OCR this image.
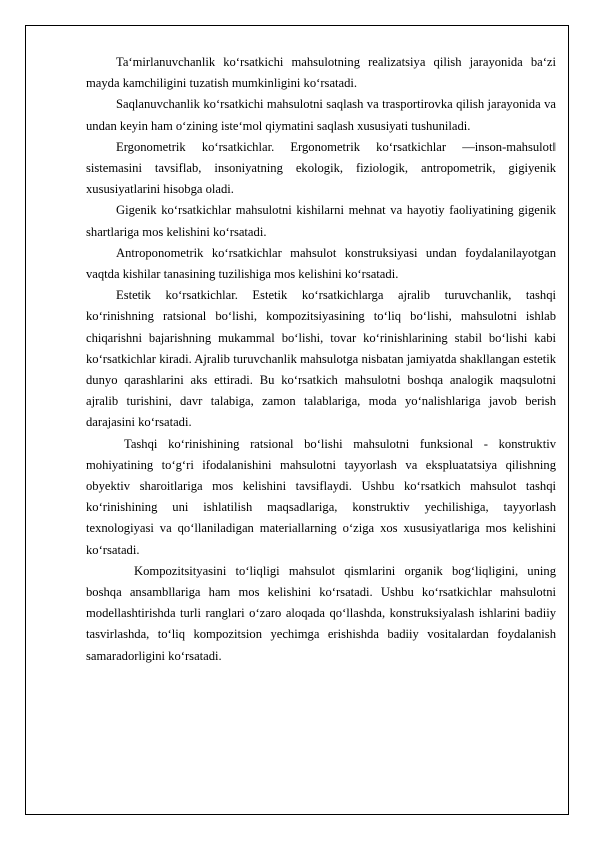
Ta‘mirlanuvchanlik ko‘rsatkichi mahsulotning realizatsiya qilish jarayonida ba‘zi mayda kamchiligini tuzatish mumkinligini ko‘rsatadi.

Saqlanuvchanlik ko‘rsatkichi mahsulotni saqlash va trasportirovka qilish jarayonida va undan keyin ham o‘zining iste‘mol qiymatini saqlash xususiyati tushuniladi.

Ergonometrik ko‘rsatkichlar. Ergonometrik ko‘rsatkichlar —inson-mahsulot‖ sistemasini tavsiflab, insoniyatning ekologik, fiziologik, antropometrik, gigiyenik xususiyatlarini hisobga oladi.

Gigenik ko‘rsatkichlar mahsulotni kishilarni mehnat va hayotiy faoliyatining gigenik shartlariga mos kelishini ko‘rsatadi.

Antroponometrik ko‘rsatkichlar mahsulot konstruksiyasi undan foydalanilayotgan vaqtda kishilar tanasining tuzilishiga mos kelishini ko‘rsatadi.

Estetik ko‘rsatkichlar. Estetik ko‘rsatkichlarga ajralib turuvchanlik, tashqi ko‘rinishning ratsional bo‘lishi, kompozitsiyasining to‘liq bo‘lishi, mahsulotni ishlab chiqarishni bajarishning mukammal bo‘lishi, tovar ko‘rinishlarining stabil bo‘lishi kabi ko‘rsatkichlar kiradi. Ajralib turuvchanlik mahsulotga nisbatan jamiyatda shakllangan estetik dunyo qarashlarini aks ettiradi. Bu ko‘rsatkich mahsulotni boshqa analogik maqsulotni ajralib turishini, davr talabiga, zamon talablariga, moda yo‘nalishlariga javob berish darajasini ko‘rsatadi.

Tashqi ko‘rinishining ratsional bo‘lishi mahsulotni funksional - konstruktiv mohiyatining to‘g‘ri ifodalanishini mahsulotni tayyorlash va ekspluatatsiya qilishning obyektiv sharoitlariga mos kelishini tavsiflaydi. Ushbu ko‘rsatkich mahsulot tashqi ko‘rinishining uni ishlatilish maqsadlariga, konstruktiv yechilishiga, tayyorlash texnologiyasi va qo‘llaniladigan materiallarning o‘ziga xos xususiyatlariga mos kelishini ko‘rsatadi.

Kompozitsityasini to‘liqligi mahsulot qismlarini organik bog‘liqligini, uning boshqa ansambllariga ham mos kelishini ko‘rsatadi. Ushbu ko‘rsatkichlar mahsulotni modellashtirishda turli ranglari o‘zaro aloqada qo‘llashda, konstruksiyalash ishlarini badiiy tasvirlashda, to‘liq kompozitsion yechimga erishishda badiiy vositalardan foydalanish samaradorligini ko‘rsatadi.
